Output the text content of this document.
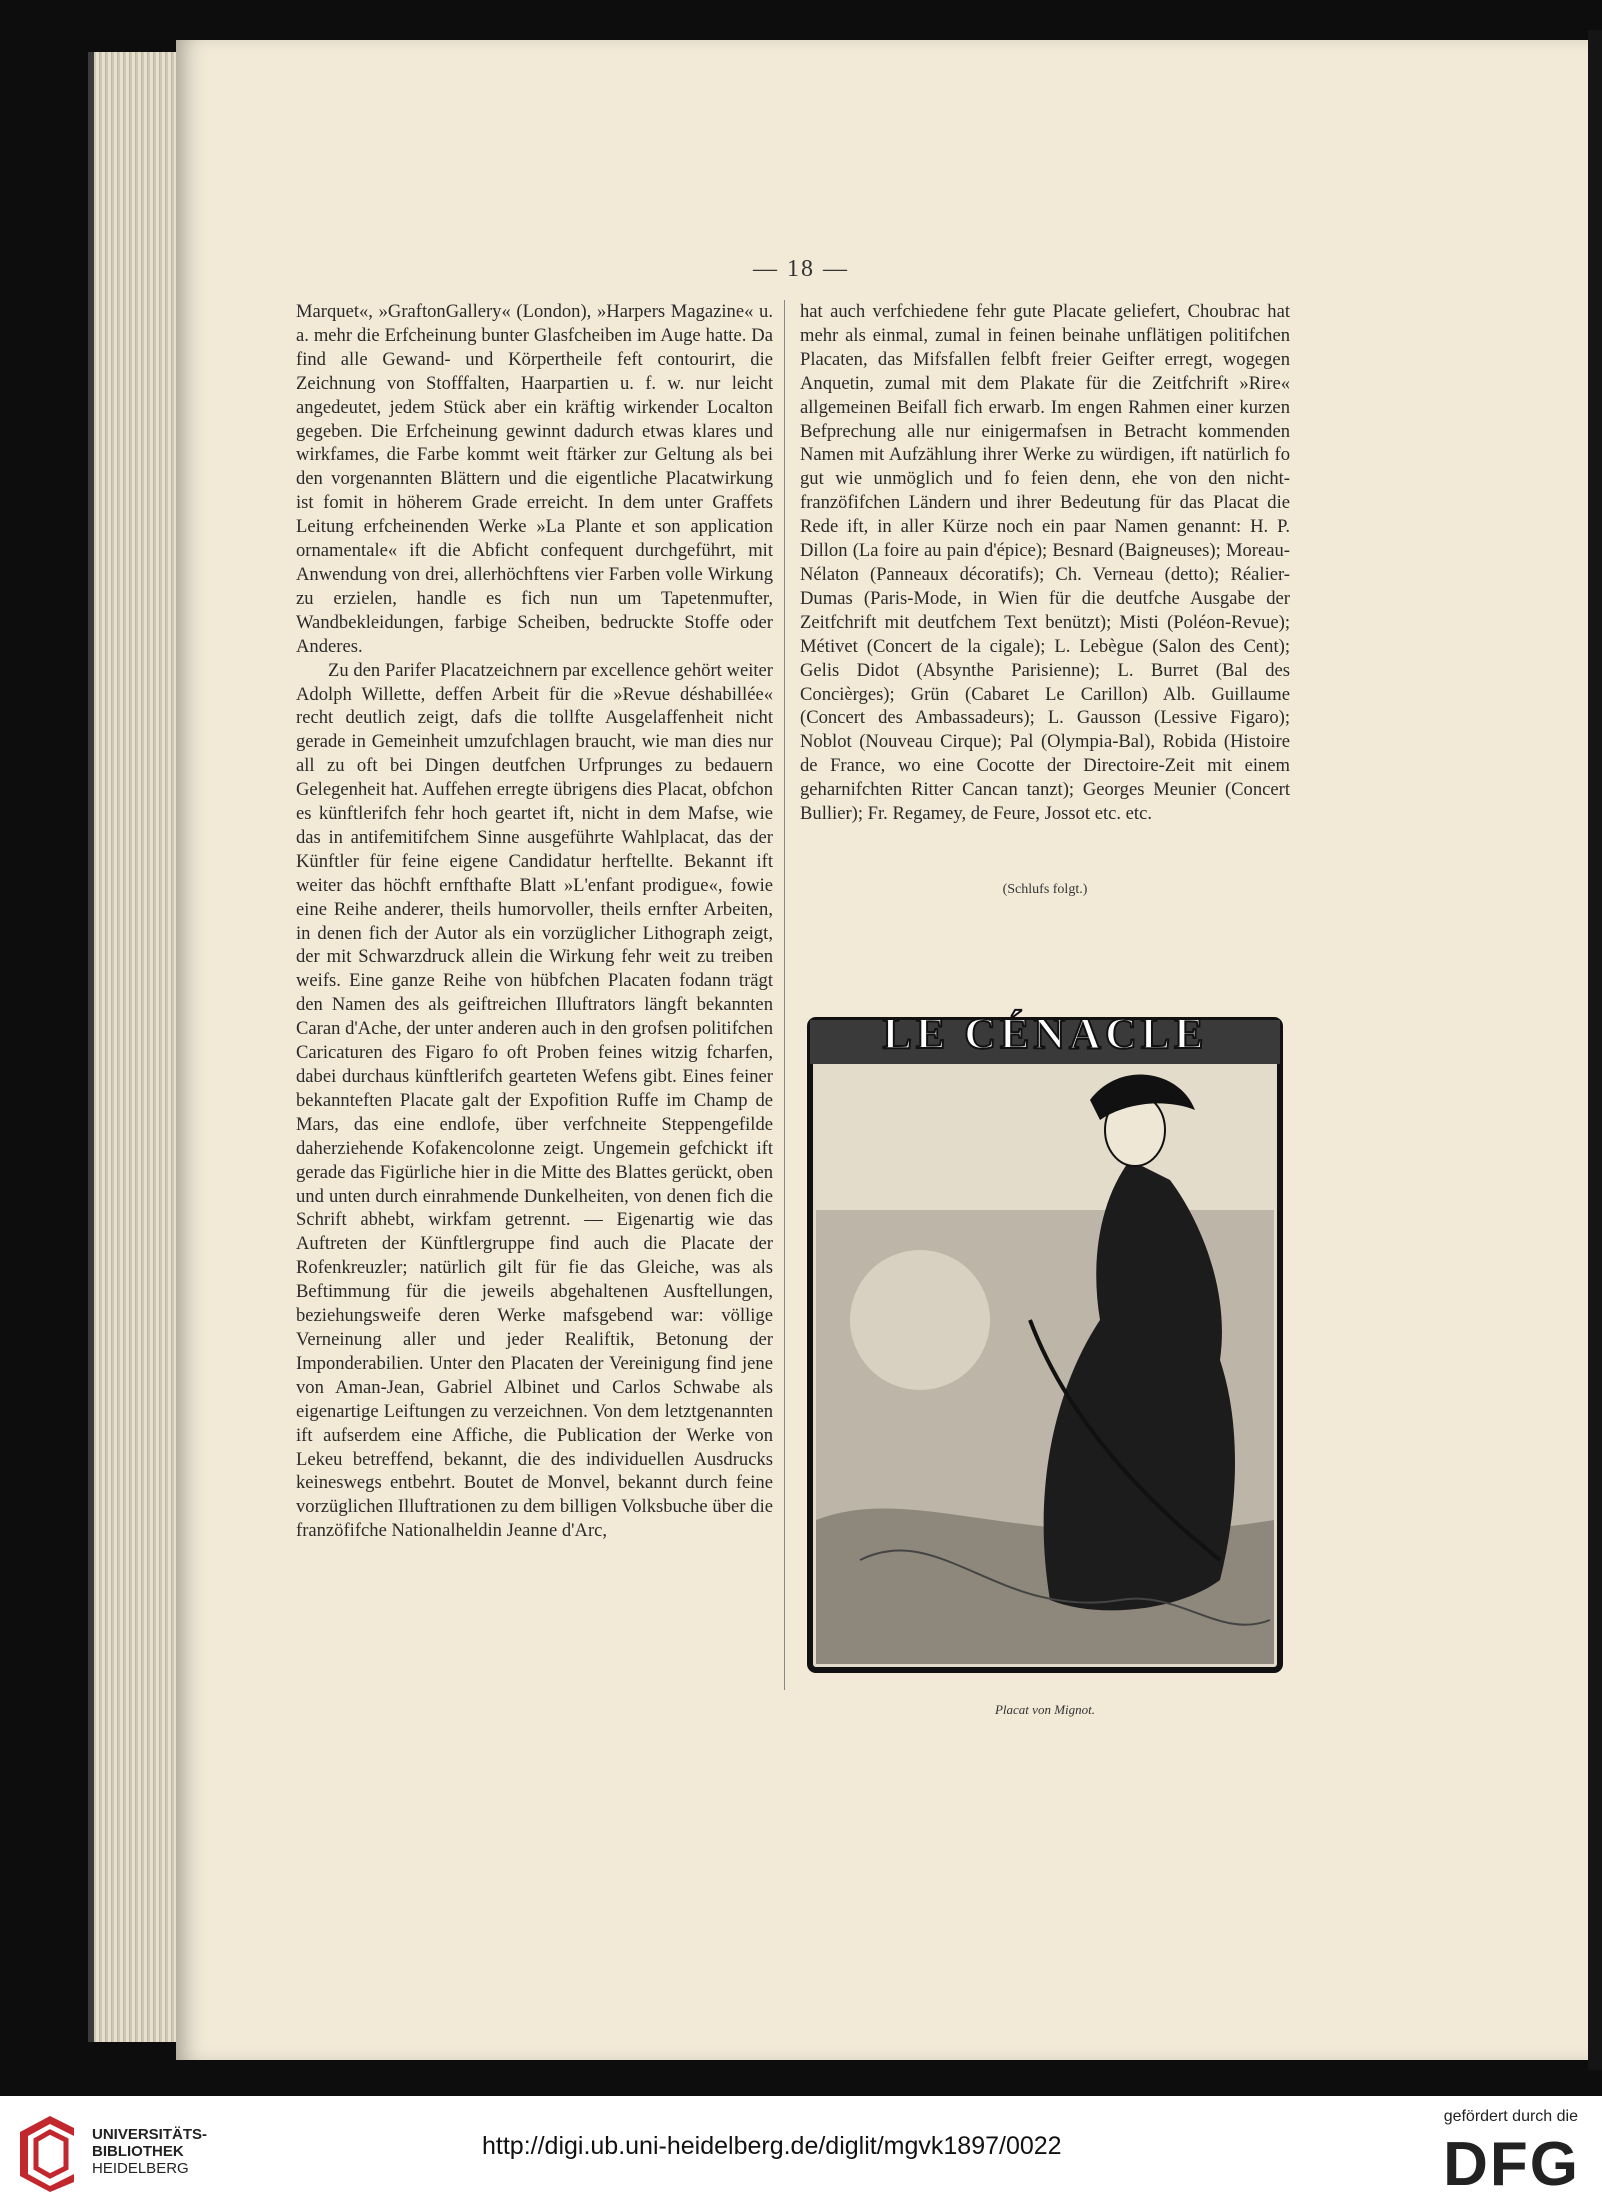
— 18 —

Marquet«, »GraftonGallery« (London), »Harpers Magazine« u. a. mehr die Erfcheinung bunter Glasfcheiben im Auge hatte. Da find alle Gewand- und Körpertheile feft contourirt, die Zeichnung von Stofffalten, Haarpartien u. f. w. nur leicht angedeutet, jedem Stück aber ein kräftig wirkender Localton gegeben. Die Erfcheinung gewinnt dadurch etwas klares und wirkfames, die Farbe kommt weit ftärker zur Geltung als bei den vorgenannten Blättern und die eigentliche Placatwirkung ist fomit in höherem Grade erreicht. In dem unter Graffets Leitung erfcheinenden Werke »La Plante et son application ornamentale« ift die Abficht confequent durchgeführt, mit Anwendung von drei, allerhöchftens vier Farben volle Wirkung zu erzielen, handle es fich nun um Tapetenmufter, Wandbekleidungen, farbige Scheiben, bedruckte Stoffe oder Anderes.

Zu den Parifer Placatzeichnern par excellence gehört weiter Adolph Willette, deffen Arbeit für die »Revue déshabillée« recht deutlich zeigt, dafs die tollfte Ausgelaffenheit nicht gerade in Gemeinheit umzufchlagen braucht, wie man dies nur all zu oft bei Dingen deutfchen Urfprunges zu bedauern Gelegenheit hat. Auffehen erregte übrigens dies Placat, obfchon es künftlerifch fehr hoch geartet ift, nicht in dem Mafse, wie das in antifemitifchem Sinne ausgeführte Wahlplacat, das der Künftler für feine eigene Candidatur herftellte. Bekannt ift weiter das höchft ernfthafte Blatt »L'enfant prodigue«, fowie eine Reihe anderer, theils humorvoller, theils ernfter Arbeiten, in denen fich der Autor als ein vorzüglicher Lithograph zeigt, der mit Schwarzdruck allein die Wirkung fehr weit zu treiben weifs. Eine ganze Reihe von hübfchen Placaten fodann trägt den Namen des als geiftreichen Illuftrators längft bekannten Caran d'Ache, der unter anderen auch in den grofsen politifchen Caricaturen des Figaro fo oft Proben feines witzig fcharfen, dabei durchaus künftlerifch gearteten Wefens gibt. Eines feiner bekannteften Placate galt der Expofition Ruffe im Champ de Mars, das eine endlofe, über verfchneite Steppengefilde daherziehende Kofakencolonne zeigt. Ungemein gefchickt ift gerade das Figürliche hier in die Mitte des Blattes gerückt, oben und unten durch einrahmende Dunkelheiten, von denen fich die Schrift abhebt, wirkfam getrennt. — Eigenartig wie das Auftreten der Künftlergruppe find auch die Placate der Rofenkreuzler; natürlich gilt für fie das Gleiche, was als Beftimmung für die jeweils abgehaltenen Ausftellungen, beziehungsweife deren Werke mafsgebend war: völlige Verneinung aller und jeder Realiftik, Betonung der Imponderabilien. Unter den Placaten der Vereinigung find jene von Aman-Jean, Gabriel Albinet und Carlos Schwabe als eigenartige Leiftungen zu verzeichnen. Von dem letztgenannten ift aufserdem eine Affiche, die Publication der Werke von Lekeu betreffend, bekannt, die des individuellen Ausdrucks keineswegs entbehrt. Boutet de Monvel, bekannt durch feine vorzüglichen Illuftrationen zu dem billigen Volksbuche über die franzöfifche Nationalheldin Jeanne d'Arc,

hat auch verfchiedene fehr gute Placate geliefert, Choubrac hat mehr als einmal, zumal in feinen beinahe unflätigen politifchen Placaten, das Mifsfallen felbft freier Geifter erregt, wogegen Anquetin, zumal mit dem Plakate für die Zeitfchrift »Rire« allgemeinen Beifall fich erwarb. Im engen Rahmen einer kurzen Befprechung alle nur einigermafsen in Betracht kommenden Namen mit Aufzählung ihrer Werke zu würdigen, ift natürlich fo gut wie unmöglich und fo feien denn, ehe von den nicht-franzöfifchen Ländern und ihrer Bedeutung für das Placat die Rede ift, in aller Kürze noch ein paar Namen genannt: H. P. Dillon (La foire au pain d'épice); Besnard (Baigneuses); Moreau-Nélaton (Panneaux décoratifs); Ch. Verneau (detto); Réalier-Dumas (Paris-Mode, in Wien für die deutfche Ausgabe der Zeitfchrift mit deutfchem Text benützt); Misti (Poléon-Revue); Métivet (Concert de la cigale); L. Lebègue (Salon des Cent); Gelis Didot (Absynthe Parisienne); L. Burret (Bal des Concièrges); Grün (Cabaret Le Carillon) Alb. Guillaume (Concert des Ambassadeurs); L. Gausson (Lessive Figaro); Noblot (Nouveau Cirque); Pal (Olympia-Bal), Robida (Histoire de France, wo eine Cocotte der Directoire-Zeit mit einem geharnifchten Ritter Cancan tanzt); Georges Meunier (Concert Bullier); Fr. Regamey, de Feure, Jossot etc. etc.

(Schlufs folgt.)
LE CÉNACLE
Placat von Mignot.
UNIVERSITÄTS-
BIBLIOTHEK
HEIDELBERG
http://digi.ub.uni-heidelberg.de/diglit/mgvk1897/0022
gefördert durch die
DFG
